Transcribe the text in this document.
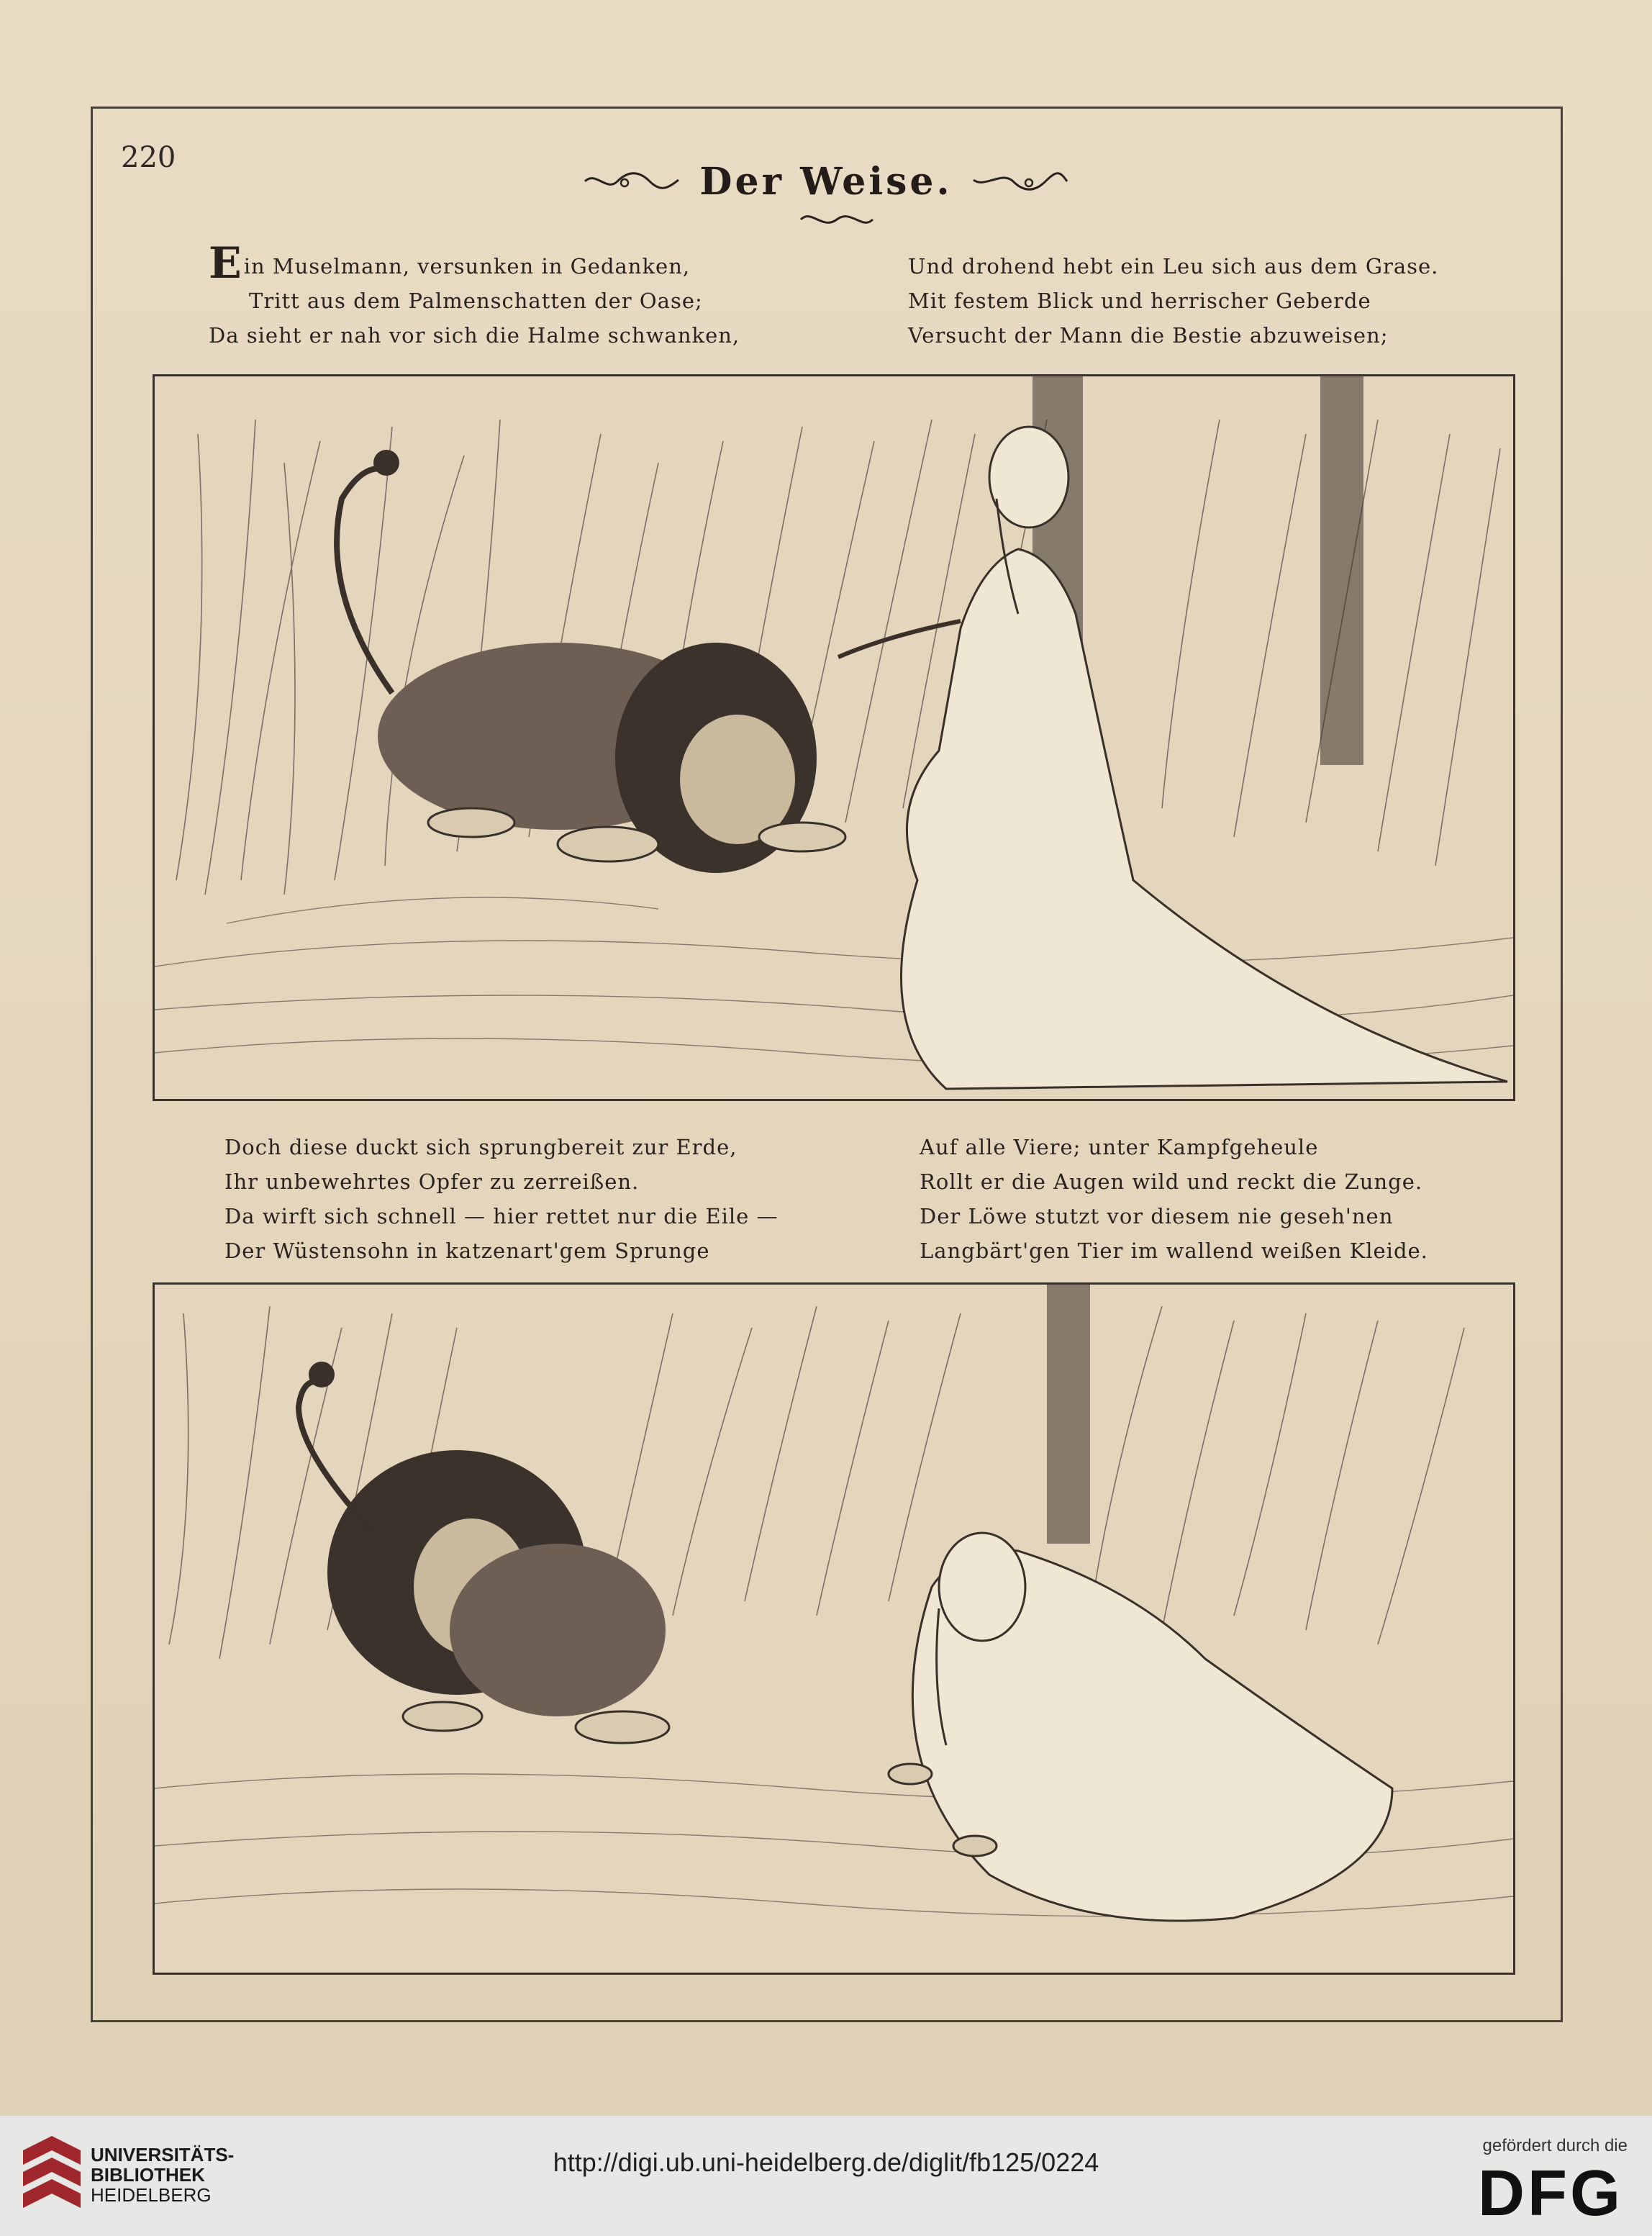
220
Der Weise.
Ein Muselmann, versunken in Gedanken,
Tritt aus dem Palmenschatten der Oase;
Da sieht er nah vor sich die Halme schwanken,
Und drohend hebt ein Leu sich aus dem Grase.
Mit festem Blick und herrischer Geberde
Versucht der Mann die Bestie abzuweisen;
Doch diese duckt sich sprungbereit zur Erde,
Ihr unbewehrtes Opfer zu zerreißen.
Da wirft sich schnell — hier rettet nur die Eile —
Der Wüstensohn in katzenart'gem Sprunge
Auf alle Viere; unter Kampfgeheule
Rollt er die Augen wild und reckt die Zunge.
Der Löwe stutzt vor diesem nie geseh'nen
Langbärt'gen Tier im wallend weißen Kleide.
UNIVERSITÄTS-
BIBLIOTHEK
HEIDELBERG
http://digi.ub.uni-heidelberg.de/diglit/fb125/0224
gefördert durch die
DFG
